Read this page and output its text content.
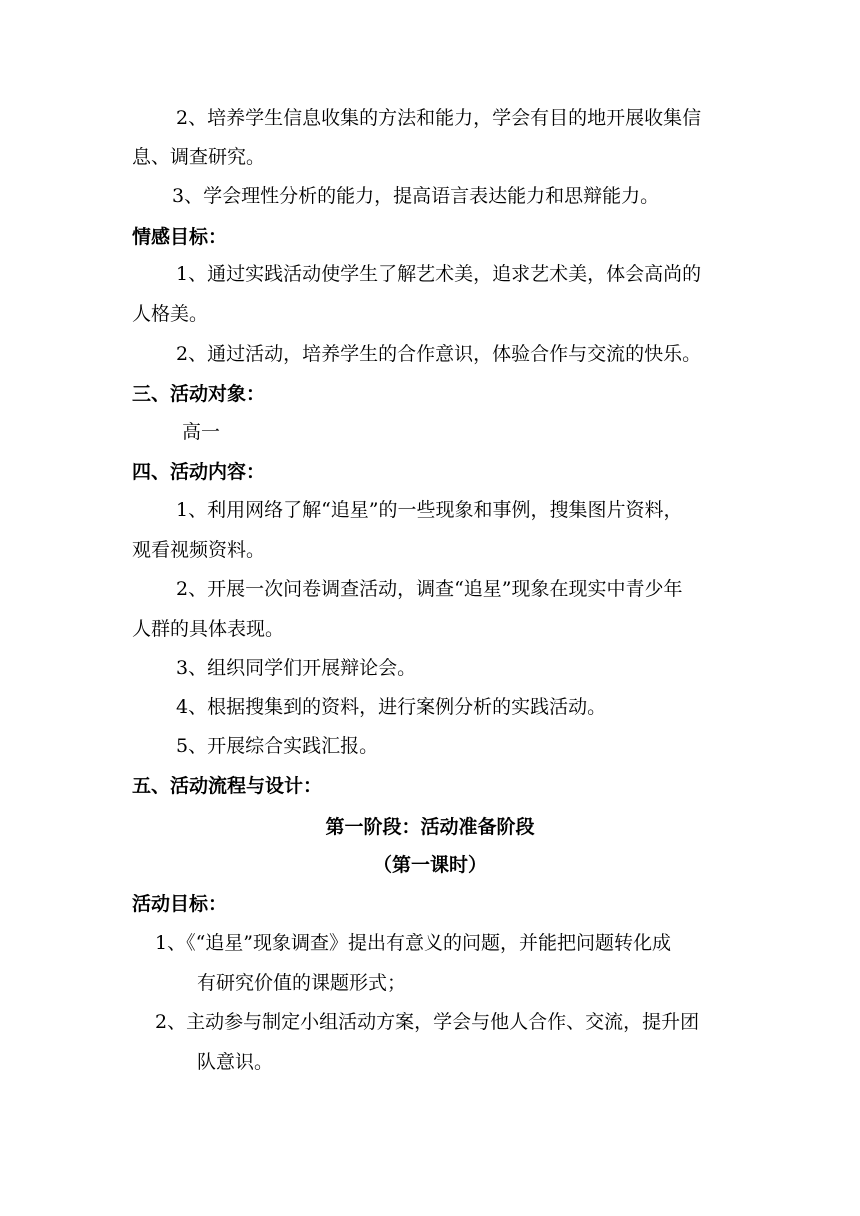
2、培养学生信息收集的方法和能力，学会有目的地开展收集信
息、调查研究。
3、学会理性分析的能力，提高语言表达能力和思辩能力。
情感目标：
1、通过实践活动使学生了解艺术美，追求艺术美，体会高尚的
人格美。
2、通过活动，培养学生的合作意识，体验合作与交流的快乐。
三、活动对象：
高一
四、活动内容：
1、利用网络了解“追星”的一些现象和事例，搜集图片资料，
观看视频资料。
2、开展一次问卷调查活动，调查“追星”现象在现实中青少年
人群的具体表现。
3、组织同学们开展辩论会。
4、根据搜集到的资料，进行案例分析的实践活动。
5、开展综合实践汇报。
五、活动流程与设计：
第一阶段：活动准备阶段
（第一课时）
活动目标：
1、《“追星”现象调查》提出有意义的问题，并能把问题转化成
有研究价值的课题形式；
2、主动参与制定小组活动方案，学会与他人合作、交流，提升团
队意识。
